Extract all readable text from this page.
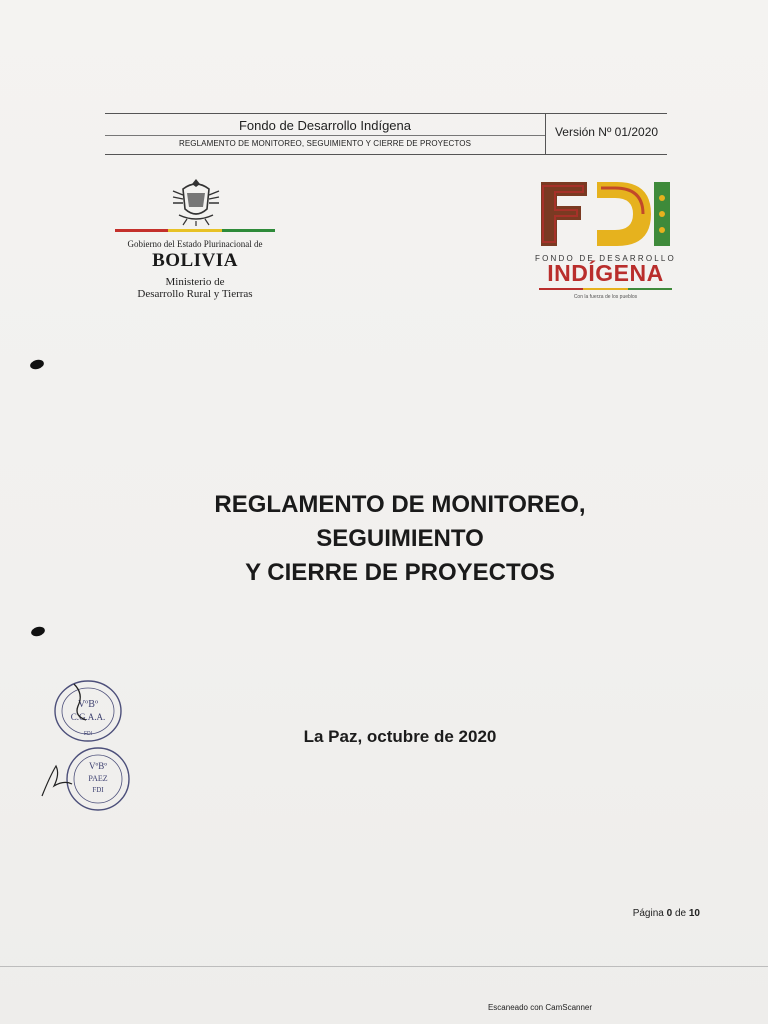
Fondo de Desarrollo Indígena
REGLAMENTO DE MONITOREO, SEGUIMIENTO Y CIERRE DE PROYECTOS
Versión Nº 01/2020
Gobierno del Estado Plurinacional de
BOLIVIA
Ministerio de
Desarrollo Rural y Tierras
FONDO DE DESARROLLO
INDÍGENA
Con la fuerza de los pueblos
REGLAMENTO DE MONITOREO,
SEGUIMIENTO
Y CIERRE DE PROYECTOS
VºBº
C.G.A.A.
FDI
VºBº
PAEZ
FDI
La Paz, octubre de 2020
Página 0 de 10
Escaneado con CamScanner
